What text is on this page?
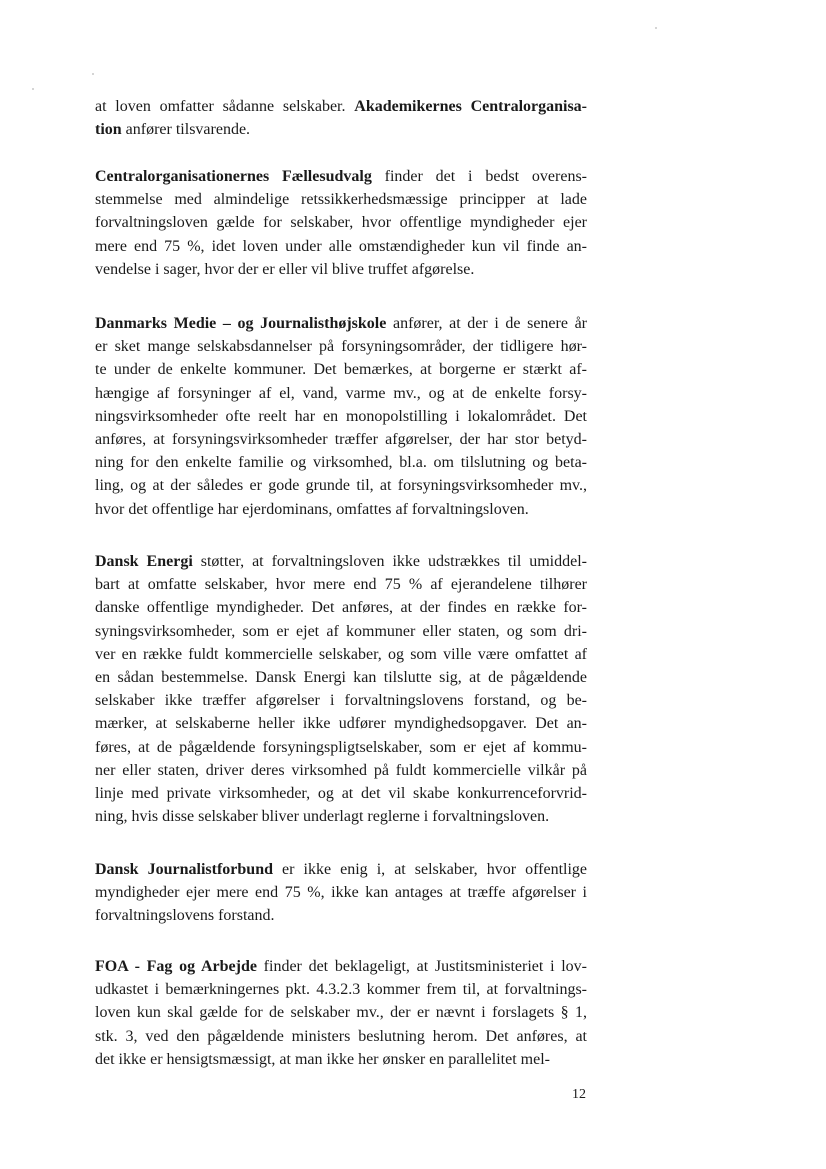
at loven omfatter sådanne selskaber. Akademikernes Centralorganisa-
tion anfører tilsvarende.
Centralorganisationernes Fællesudvalg finder det i bedst overens-
stemmelse med almindelige retssikkerhedsmæssige principper at lade
forvaltningsloven gælde for selskaber, hvor offentlige myndigheder ejer
mere end 75 %, idet loven under alle omstændigheder kun vil finde an-
vendelse i sager, hvor der er eller vil blive truffet afgørelse.
Danmarks Medie – og Journalisthøjskole anfører, at der i de senere år
er sket mange selskabsdannelser på forsyningsområder, der tidligere hør-
te under de enkelte kommuner. Det bemærkes, at borgerne er stærkt af-
hængige af forsyninger af el, vand, varme mv., og at de enkelte forsy-
ningsvirksomheder ofte reelt har en monopolstilling i lokalområdet. Det
anføres, at forsyningsvirksomheder træffer afgørelser, der har stor betyd-
ning for den enkelte familie og virksomhed, bl.a. om tilslutning og beta-
ling, og at der således er gode grunde til, at forsyningsvirksomheder mv.,
hvor det offentlige har ejerdominans, omfattes af forvaltningsloven.
Dansk Energi støtter, at forvaltningsloven ikke udstrækkes til umiddel-
bart at omfatte selskaber, hvor mere end 75 % af ejerandelene tilhører
danske offentlige myndigheder. Det anføres, at der findes en række for-
syningsvirksomheder, som er ejet af kommuner eller staten, og som dri-
ver en række fuldt kommercielle selskaber, og som ville være omfattet af
en sådan bestemmelse. Dansk Energi kan tilslutte sig, at de pågældende
selskaber ikke træffer afgørelser i forvaltningslovens forstand, og be-
mærker, at selskaberne heller ikke udfører myndighedsopgaver. Det an-
føres, at de pågældende forsyningspligtselskaber, som er ejet af kommu-
ner eller staten, driver deres virksomhed på fuldt kommercielle vilkår på
linje med private virksomheder, og at det vil skabe konkurrenceforvrid-
ning, hvis disse selskaber bliver underlagt reglerne i forvaltningsloven.
Dansk Journalistforbund er ikke enig i, at selskaber, hvor offentlige
myndigheder ejer mere end 75 %, ikke kan antages at træffe afgørelser i
forvaltningslovens forstand.
FOA - Fag og Arbejde finder det beklageligt, at Justitsministeriet i lov-
udkastet i bemærkningernes pkt. 4.3.2.3 kommer frem til, at forvaltnings-
loven kun skal gælde for de selskaber mv., der er nævnt i forslagets § 1,
stk. 3, ved den pågældende ministers beslutning herom. Det anføres, at
det ikke er hensigtsmæssigt, at man ikke her ønsker en parallelitet mel-
12
